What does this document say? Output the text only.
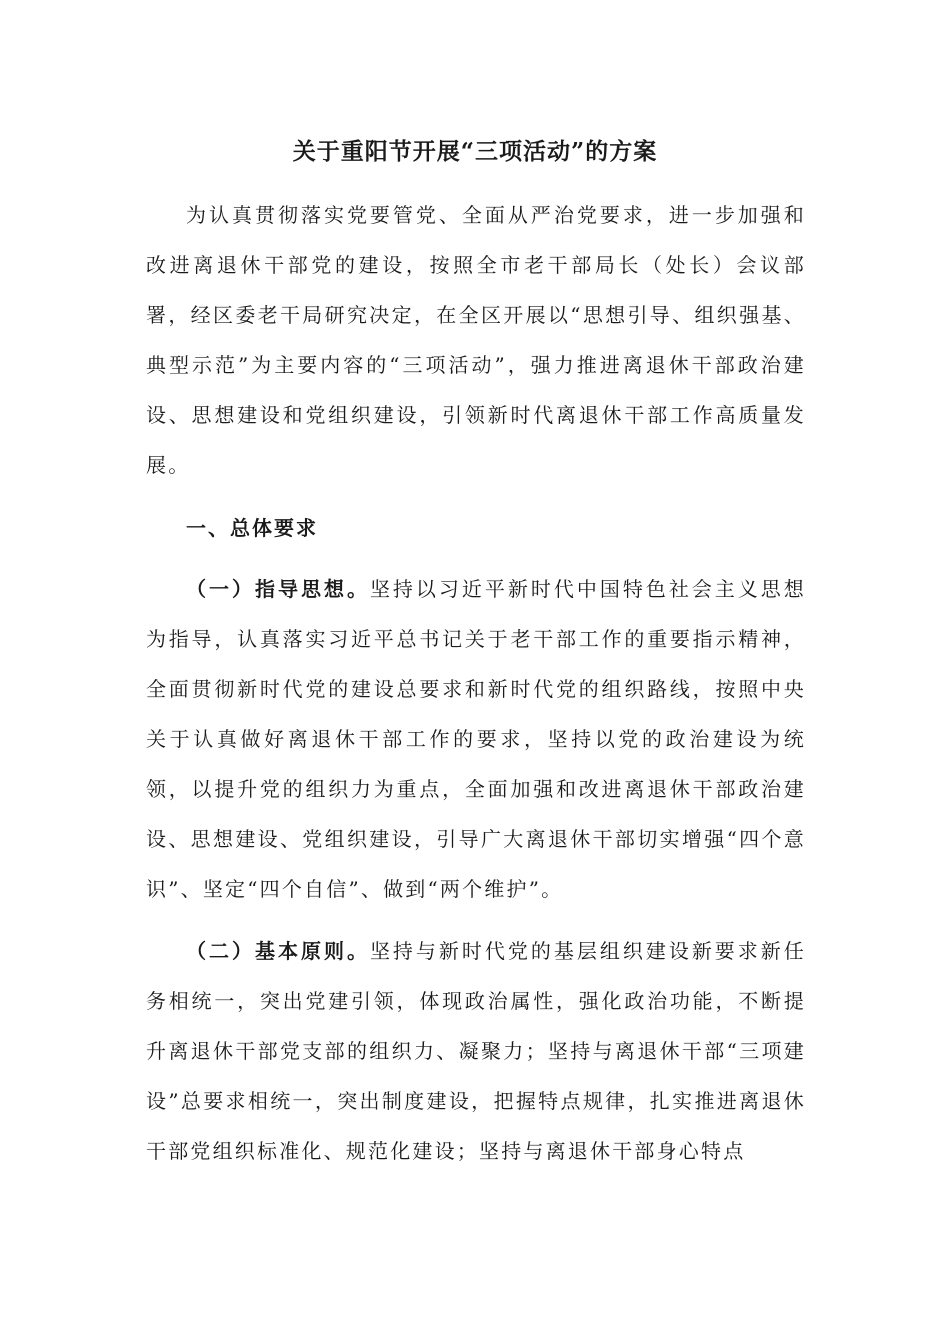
关于重阳节开展“三项活动”的方案

为认真贯彻落实党要管党、全面从严治党要求，进一步加强和改进离退休干部党的建设，按照全市老干部局长（处长）会议部署，经区委老干局研究决定，在全区开展以“思想引导、组织强基、典型示范”为主要内容的“三项活动”，强力推进离退休干部政治建设、思想建设和党组织建设，引领新时代离退休干部工作高质量发展。

一、总体要求

（一）指导思想。坚持以习近平新时代中国特色社会主义思想为指导，认真落实习近平总书记关于老干部工作的重要指示精神，全面贯彻新时代党的建设总要求和新时代党的组织路线，按照中央关于认真做好离退休干部工作的要求，坚持以党的政治建设为统领，以提升党的组织力为重点，全面加强和改进离退休干部政治建设、思想建设、党组织建设，引导广大离退休干部切实增强“四个意识”、坚定“四个自信”、做到“两个维护”。

（二）基本原则。坚持与新时代党的基层组织建设新要求新任务相统一，突出党建引领，体现政治属性，强化政治功能，不断提升离退休干部党支部的组织力、凝聚力；坚持与离退休干部“三项建设”总要求相统一，突出制度建设，把握特点规律，扎实推进离退休干部党组织标准化、规范化建设；坚持与离退休干部身心特点
